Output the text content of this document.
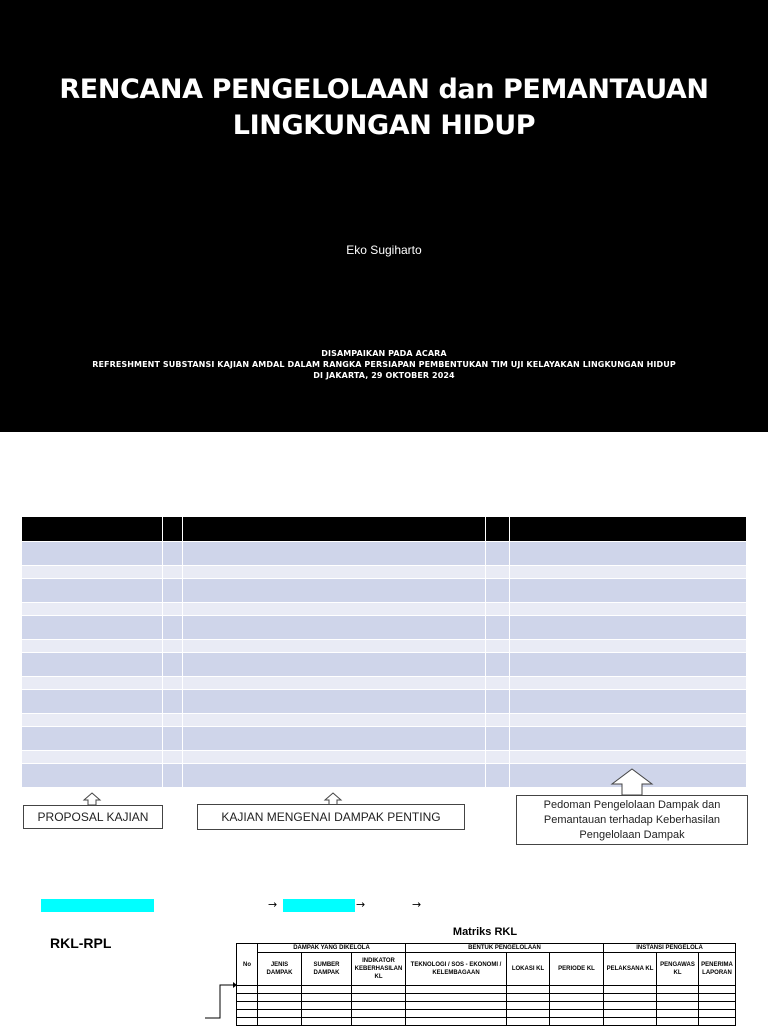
RENCANA PENGELOLAAN dan PEMANTAUAN
LINGKUNGAN HIDUP
Eko Sugiharto
DISAMPAIKAN PADA ACARA
REFRESHMENT SUBSTANSI KAJIAN AMDAL DALAM RANGKA PERSIAPAN PEMBENTUKAN TIM UJI KELAYAKAN LINGKUNGAN HIDUP
DI JAKARTA, 29 OKTOBER 2024
PROPOSAL KAJIAN	KAJIAN MENGENAI DAMPAK PENTING
Pedoman Pengelolaan Dampak dan Pemantauan terhadap Keberhasilan Pengelolaan Dampak
→	→	→
RKL-RPL
Matriks RKL
No	DAMPAK YANG DIKELOLA			BENTUK PENGELOLAAN			INSTANSI PENGELOLA		
	JENIS DAMPAK	SUMBER DAMPAK	INDIKATOR KEBERHASILAN KL	TEKNOLOGI / SOS - EKONOMI / KELEMBAGAAN	LOKASI KL	PERIODE KL	PELAKSANA KL	PENGAWAS KL	PENERIMA LAPORAN
